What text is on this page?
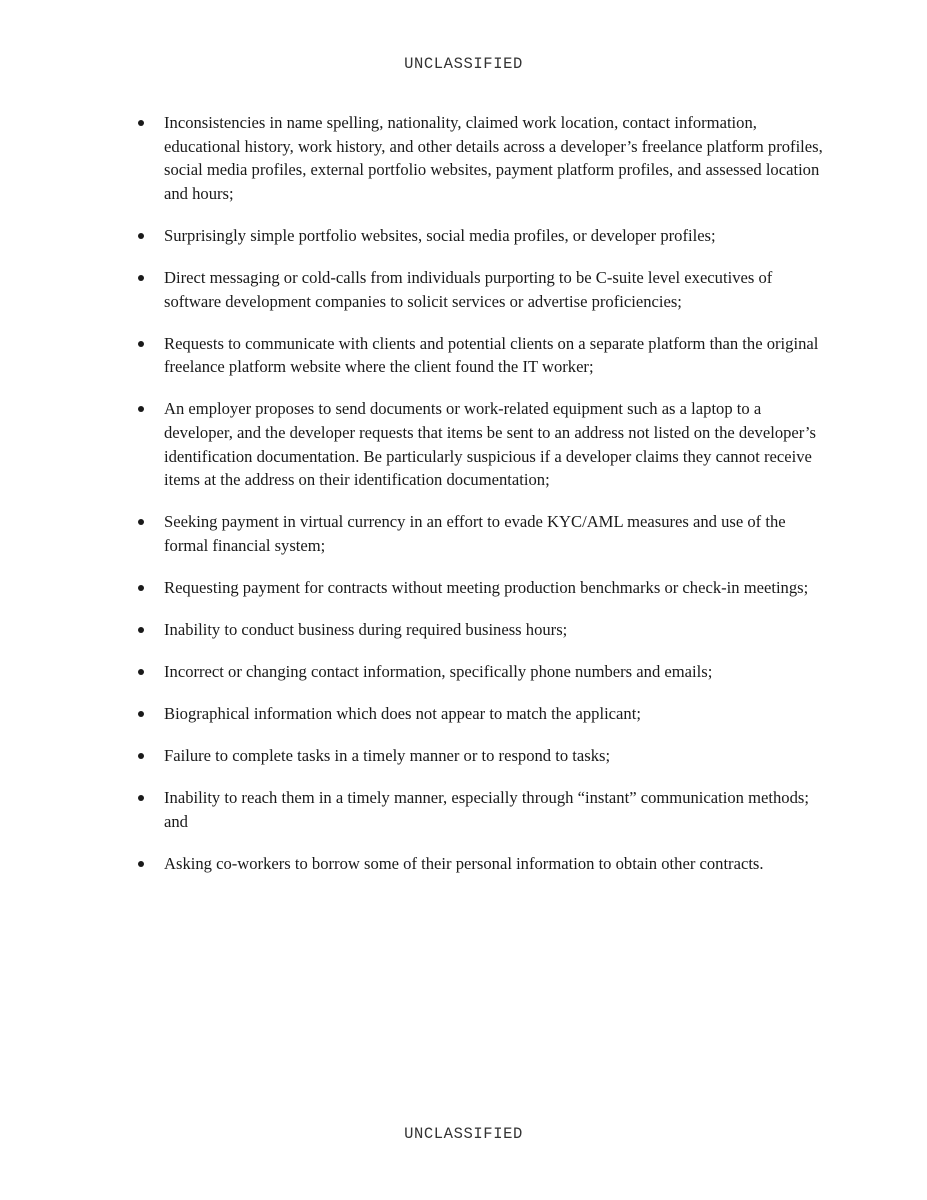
UNCLASSIFIED
Inconsistencies in name spelling, nationality, claimed work location, contact information, educational history, work history, and other details across a developer’s freelance platform profiles, social media profiles, external portfolio websites, payment platform profiles, and assessed location and hours;
Surprisingly simple portfolio websites, social media profiles, or developer profiles;
Direct messaging or cold-calls from individuals purporting to be C-suite level executives of software development companies to solicit services or advertise proficiencies;
Requests to communicate with clients and potential clients on a separate platform than the original freelance platform website where the client found the IT worker;
An employer proposes to send documents or work-related equipment such as a laptop to a developer, and the developer requests that items be sent to an address not listed on the developer’s identification documentation. Be particularly suspicious if a developer claims they cannot receive items at the address on their identification documentation;
Seeking payment in virtual currency in an effort to evade KYC/AML measures and use of the formal financial system;
Requesting payment for contracts without meeting production benchmarks or check-in meetings;
Inability to conduct business during required business hours;
Incorrect or changing contact information, specifically phone numbers and emails;
Biographical information which does not appear to match the applicant;
Failure to complete tasks in a timely manner or to respond to tasks;
Inability to reach them in a timely manner, especially through “instant” communication methods; and
Asking co-workers to borrow some of their personal information to obtain other contracts.
UNCLASSIFIED
